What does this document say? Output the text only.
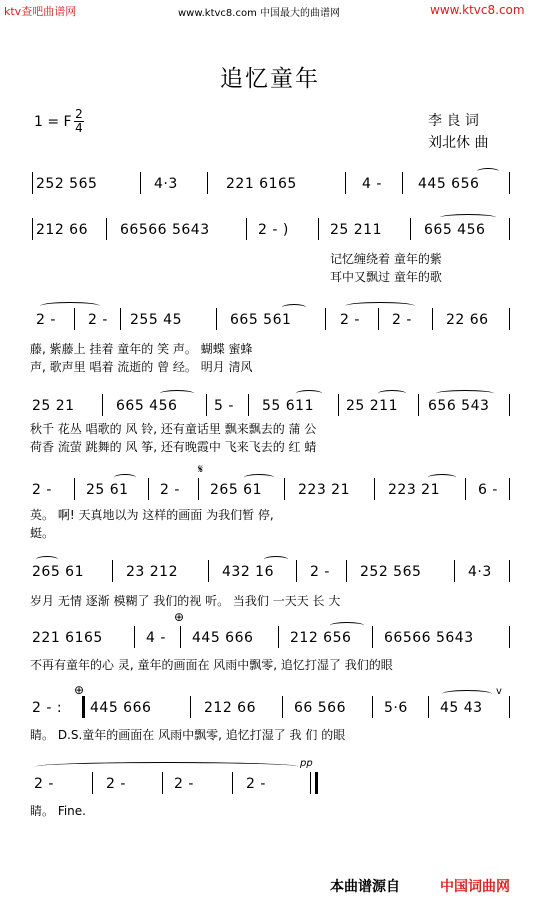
ktv查吧曲谱网	www.ktvc8.com 中国最大的曲谱网	www.ktvc8.com
追忆童年
1 = F 2
4	李 良 词
刘北休 曲
252 565	4·3	221 6165	4 -	445 656
212 66 66566 5643	2 - )	25 211	665 456
记忆缠绕着 童年的紫
耳中又飘过 童年的歌
2 - 2 - 255 45	665 561	2 - 2 - 22 66
藤, 紫藤上 挂着 童年的 笑 声。 蝴蝶 蜜蜂
声, 歌声里 唱着 流逝的 曾 经。 明月 清风
25 21	665 456	5 - 55 611 25 211 656 543
秋千 花丛 唱歌的 风 铃, 还有童话里 飘来飘去的 蒲 公
荷香 流萤 跳舞的 风 筝, 还有晚霞中 飞来飞去的 红 蜻
𝄋
2 - 25 61 2 - 265 61	223 21	223 21	6 -
英。 啊! 天真地以为 这样的画面 为我们暂 停,
蜓。
265 61	23 212	432 16	2 - 252 565	4·3
岁月 无情 逐渐 模糊了 我们的视 听。 当我们 一天天 长 大
⊕
221 6165	4 - 445 666	212 656 66566 5643
不再有童年的心 灵, 童年的画面在 风雨中飘零, 追忆打湿了 我们的眼
⊕
2 - : 445 666	212 66	66 566	5·6 45 43
v
睛。 D.S.童年的画面在 风雨中飘零, 追忆打湿了 我 们 的眼
pp
2 -	2 -	2 -	2 -
睛。 Fine.
本曲谱源自	中国词曲网
